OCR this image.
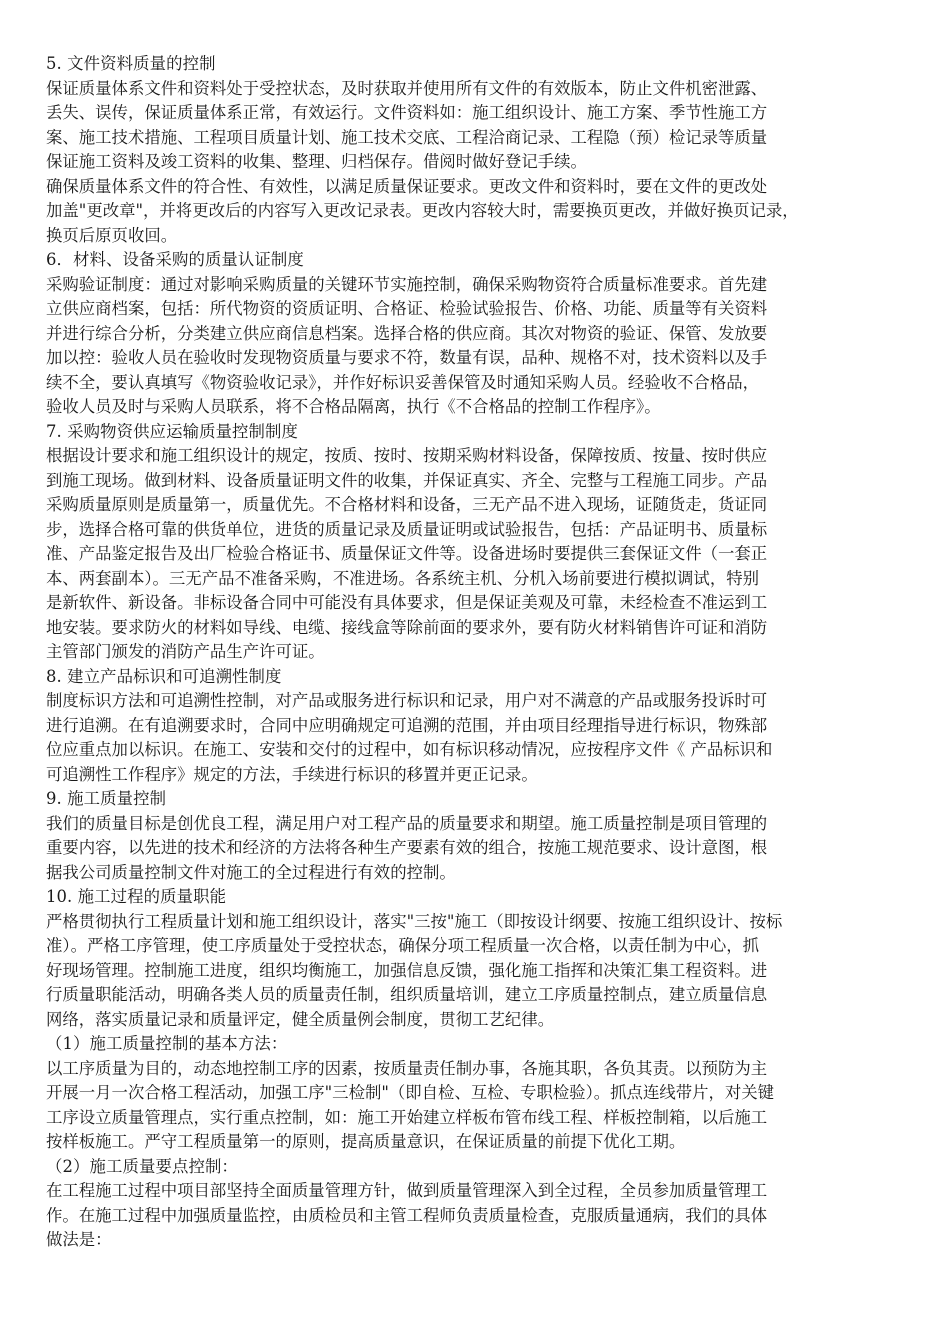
5. 文件资料质量的控制
保证质量体系文件和资料处于受控状态，及时获取并使用所有文件的有效版本，防止文件机密泄露、
丢失、误传，保证质量体系正常，有效运行。文件资料如：施工组织设计、施工方案、季节性施工方
案、施工技术措施、工程项目质量计划、施工技术交底、工程洽商记录、工程隐（预）检记录等质量
保证施工资料及竣工资料的收集、整理、归档保存。借阅时做好登记手续。
确保质量体系文件的符合性、有效性，以满足质量保证要求。更改文件和资料时，要在文件的更改处
加盖"更改章"，并将更改后的内容写入更改记录表。更改内容较大时，需要换页更改，并做好换页记录，
换页后原页收回。
6．材料、设备采购的质量认证制度
采购验证制度：通过对影响采购质量的关键环节实施控制，确保采购物资符合质量标准要求。首先建
立供应商档案，包括：所代物资的资质证明、合格证、检验试验报告、价格、功能、质量等有关资料
并进行综合分析，分类建立供应商信息档案。选择合格的供应商。其次对物资的验证、保管、发放要
加以控：验收人员在验收时发现物资质量与要求不符，数量有误，品种、规格不对，技术资料以及手
续不全，要认真填写《物资验收记录》，并作好标识妥善保管及时通知采购人员。经验收不合格品，
验收人员及时与采购人员联系，将不合格品隔离，执行《不合格品的控制工作程序》。
7. 采购物资供应运输质量控制制度
根据设计要求和施工组织设计的规定，按质、按时、按期采购材料设备，保障按质、按量、按时供应
到施工现场。做到材料、设备质量证明文件的收集，并保证真实、齐全、完整与工程施工同步。产品
采购质量原则是质量第一，质量优先。不合格材料和设备，三无产品不进入现场，证随货走，货证同
步，选择合格可靠的供货单位，进货的质量记录及质量证明或试验报告，包括：产品证明书、质量标
准、产品鉴定报告及出厂检验合格证书、质量保证文件等。设备进场时要提供三套保证文件（一套正
本、两套副本）。三无产品不准备采购，不准进场。各系统主机、分机入场前要进行模拟调试，特别
是新软件、新设备。非标设备合同中可能没有具体要求，但是保证美观及可靠，未经检查不准运到工
地安装。要求防火的材料如导线、电缆、接线盒等除前面的要求外，要有防火材料销售许可证和消防
主管部门颁发的消防产品生产许可证。
8. 建立产品标识和可追溯性制度
制度标识方法和可追溯性控制，对产品或服务进行标识和记录，用户对不满意的产品或服务投诉时可
进行追溯。在有追溯要求时，合同中应明确规定可追溯的范围，并由项目经理指导进行标识，物殊部
位应重点加以标识。在施工、安装和交付的过程中，如有标识移动情况，应按程序文件《 产品标识和
可追溯性工作程序》规定的方法，手续进行标识的移置并更正记录。
9. 施工质量控制
我们的质量目标是创优良工程，满足用户对工程产品的质量要求和期望。施工质量控制是项目管理的
重要内容，以先进的技术和经济的方法将各种生产要素有效的组合，按施工规范要求、设计意图，根
据我公司质量控制文件对施工的全过程进行有效的控制。
10. 施工过程的质量职能
严格贯彻执行工程质量计划和施工组织设计，落实"三按"施工（即按设计纲要、按施工组织设计、按标
准）。严格工序管理，使工序质量处于受控状态，确保分项工程质量一次合格，以责任制为中心，抓
好现场管理。控制施工进度，组织均衡施工，加强信息反馈，强化施工指挥和决策汇集工程资料。进
行质量职能活动，明确各类人员的质量责任制，组织质量培训，建立工序质量控制点，建立质量信息
网络，落实质量记录和质量评定，健全质量例会制度，贯彻工艺纪律。
（1）施工质量控制的基本方法：
以工序质量为目的，动态地控制工序的因素，按质量责任制办事，各施其职，各负其责。以预防为主
开展一月一次合格工程活动，加强工序"三检制"（即自检、互检、专职检验）。抓点连线带片，对关键
工序设立质量管理点，实行重点控制，如：施工开始建立样板布管布线工程、样板控制箱，以后施工
按样板施工。严守工程质量第一的原则，提高质量意识，在保证质量的前提下优化工期。
（2）施工质量要点控制：
在工程施工过程中项目部坚持全面质量管理方针，做到质量管理深入到全过程，全员参加质量管理工
作。在施工过程中加强质量监控，由质检员和主管工程师负责质量检查，克服质量通病，我们的具体
做法是：
